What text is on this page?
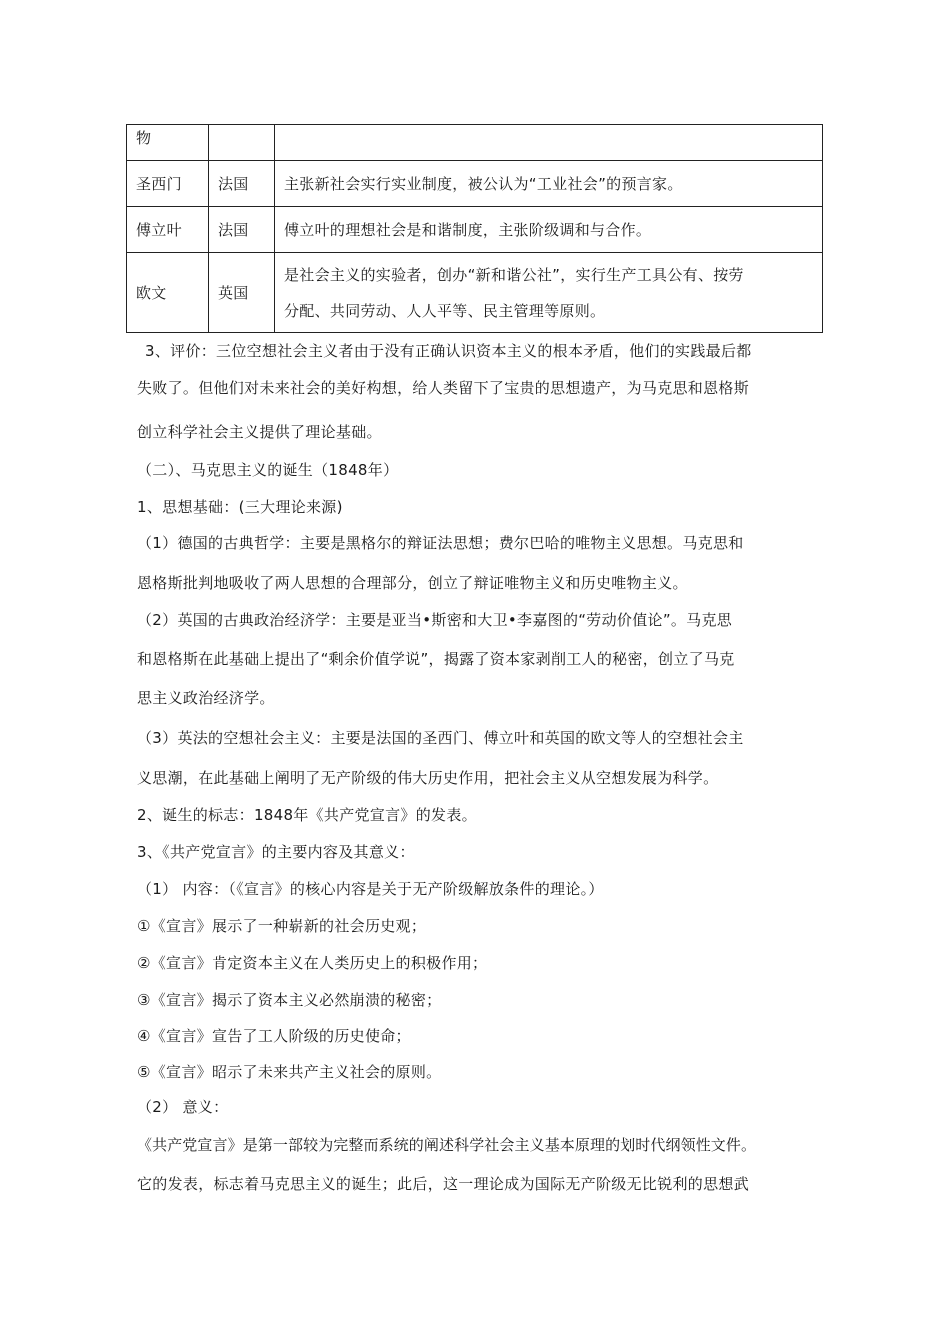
物		
圣西门	法国	主张新社会实行实业制度，被公认为“工业社会”的预言家。
傅立叶	法国	傅立叶的理想社会是和谐制度，主张阶级调和与合作。
欧文	英国	是社会主义的实验者，创办“新和谐公社”，实行生产工具公有、按劳
分配、共同劳动、人人平等、民主管理等原则。
3、评价：三位空想社会主义者由于没有正确认识资本主义的根本矛盾，他们的实践最后都
失败了。但他们对未来社会的美好构想，给人类留下了宝贵的思想遗产，为马克思和恩格斯
创立科学社会主义提供了理论基础。
（二）、马克思主义的诞生（1848年）
1、思想基础：(三大理论来源)
（1）德国的古典哲学：主要是黑格尔的辩证法思想；费尔巴哈的唯物主义思想。马克思和
恩格斯批判地吸收了两人思想的合理部分，创立了辩证唯物主义和历史唯物主义。
（2）英国的古典政治经济学：主要是亚当•斯密和大卫•李嘉图的“劳动价值论”。马克思
和恩格斯在此基础上提出了“剩余价值学说”，揭露了资本家剥削工人的秘密，创立了马克
思主义政治经济学。
（3）英法的空想社会主义：主要是法国的圣西门、傅立叶和英国的欧文等人的空想社会主
义思潮，在此基础上阐明了无产阶级的伟大历史作用，把社会主义从空想发展为科学。
2、诞生的标志：1848年《共产党宣言》的发表。
3、《共产党宣言》的主要内容及其意义：
（1） 内容：（《宣言》的核心内容是关于无产阶级解放条件的理论。）
①《宣言》展示了一种崭新的社会历史观；
②《宣言》肯定资本主义在人类历史上的积极作用；
③《宣言》揭示了资本主义必然崩溃的秘密；
④《宣言》宣告了工人阶级的历史使命；
⑤《宣言》昭示了未来共产主义社会的原则。
（2） 意义：
《共产党宣言》是第一部较为完整而系统的阐述科学社会主义基本原理的划时代纲领性文件。
它的发表，标志着马克思主义的诞生；此后，这一理论成为国际无产阶级无比锐利的思想武
